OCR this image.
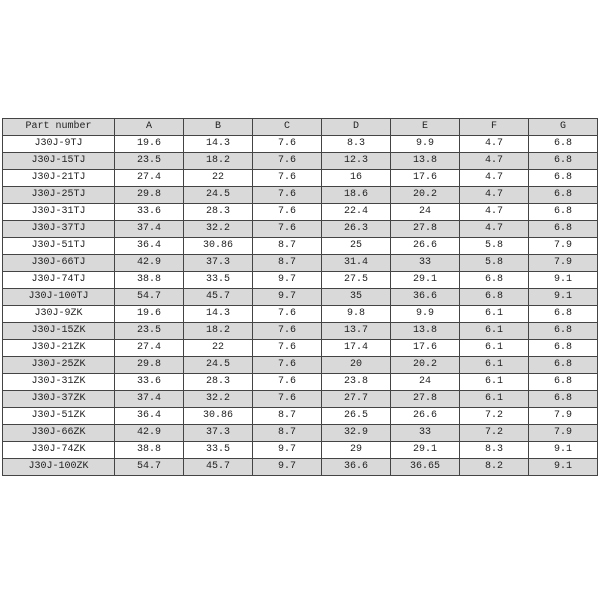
Part number	A	B	C	D	E	F	G
J30J-9TJ	19.6	14.3	7.6	8.3	9.9	4.7	6.8
J30J-15TJ	23.5	18.2	7.6	12.3	13.8	4.7	6.8
J30J-21TJ	27.4	22	7.6	16	17.6	4.7	6.8
J30J-25TJ	29.8	24.5	7.6	18.6	20.2	4.7	6.8
J30J-31TJ	33.6	28.3	7.6	22.4	24	4.7	6.8
J30J-37TJ	37.4	32.2	7.6	26.3	27.8	4.7	6.8
J30J-51TJ	36.4	30.86	8.7	25	26.6	5.8	7.9
J30J-66TJ	42.9	37.3	8.7	31.4	33	5.8	7.9
J30J-74TJ	38.8	33.5	9.7	27.5	29.1	6.8	9.1
J30J-100TJ	54.7	45.7	9.7	35	36.6	6.8	9.1
J30J-9ZK	19.6	14.3	7.6	9.8	9.9	6.1	6.8
J30J-15ZK	23.5	18.2	7.6	13.7	13.8	6.1	6.8
J30J-21ZK	27.4	22	7.6	17.4	17.6	6.1	6.8
J30J-25ZK	29.8	24.5	7.6	20	20.2	6.1	6.8
J30J-31ZK	33.6	28.3	7.6	23.8	24	6.1	6.8
J30J-37ZK	37.4	32.2	7.6	27.7	27.8	6.1	6.8
J30J-51ZK	36.4	30.86	8.7	26.5	26.6	7.2	7.9
J30J-66ZK	42.9	37.3	8.7	32.9	33	7.2	7.9
J30J-74ZK	38.8	33.5	9.7	29	29.1	8.3	9.1
J30J-100ZK	54.7	45.7	9.7	36.6	36.65	8.2	9.1
